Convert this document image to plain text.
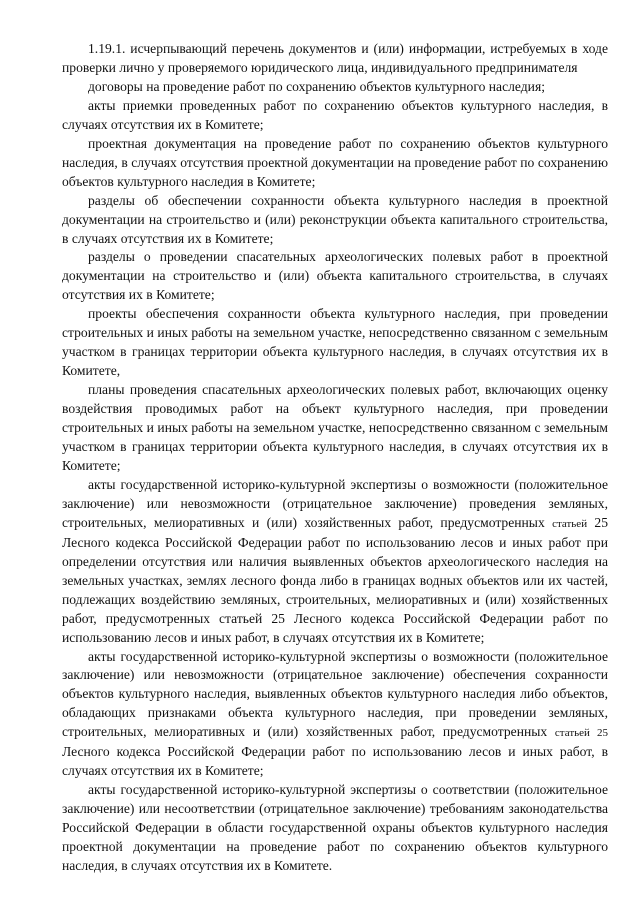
1.19.1. исчерпывающий перечень документов и (или) информации, истребуемых в ходе проверки лично у проверяемого юридического лица, индивидуального предпринимателя

договоры на проведение работ по сохранению объектов культурного наследия;

акты приемки проведенных работ по сохранению объектов культурного наследия, в случаях отсутствия их в Комитете;

проектная документация на проведение работ по сохранению объектов культурного наследия, в случаях отсутствия проектной документации на проведение работ по сохранению объектов культурного наследия в Комитете;

разделы об обеспечении сохранности объекта культурного наследия в проектной документации на строительство и (или) реконструкции объекта капитального строительства, в случаях отсутствия их в Комитете;

разделы о проведении спасательных археологических полевых работ в проектной документации на строительство и (или) объекта капитального строительства, в случаях отсутствия их в Комитете;

проекты обеспечения сохранности объекта культурного наследия, при проведении строительных и иных работы на земельном участке, непосредственно связанном с земельным участком в границах территории объекта культурного наследия, в случаях отсутствия их в Комитете,

планы проведения спасательных археологических полевых работ, включающих оценку воздействия проводимых работ на объект культурного наследия, при проведении строительных и иных работы на земельном участке, непосредственно связанном с земельным участком в границах территории объекта культурного наследия, в случаях отсутствия их в Комитете;

акты государственной историко-культурной экспертизы о возможности (положительное заключение) или невозможности (отрицательное заключение) проведения земляных, строительных, мелиоративных и (или) хозяйственных работ, предусмотренных статьей 25 Лесного кодекса Российской Федерации работ по использованию лесов и иных работ при определении отсутствия или наличия выявленных объектов археологического наследия на земельных участках, землях лесного фонда либо в границах водных объектов или их частей, подлежащих воздействию земляных, строительных, мелиоративных и (или) хозяйственных работ, предусмотренных статьей 25 Лесного кодекса Российской Федерации работ по использованию лесов и иных работ, в случаях отсутствия их в Комитете;

акты государственной историко-культурной экспертизы о возможности (положительное заключение) или невозможности (отрицательное заключение) обеспечения сохранности объектов культурного наследия, выявленных объектов культурного наследия либо объектов, обладающих признаками объекта культурного наследия, при проведении земляных, строительных, мелиоративных и (или) хозяйственных работ, предусмотренных статьей 25 Лесного кодекса Российской Федерации работ по использованию лесов и иных работ, в случаях отсутствия их в Комитете;

акты государственной историко-культурной экспертизы о соответствии (положительное заключение) или несоответствии (отрицательное заключение) требованиям законодательства Российской Федерации в области государственной охраны объектов культурного наследия проектной документации на проведение работ по сохранению объектов культурного наследия, в случаях отсутствия их в Комитете.
